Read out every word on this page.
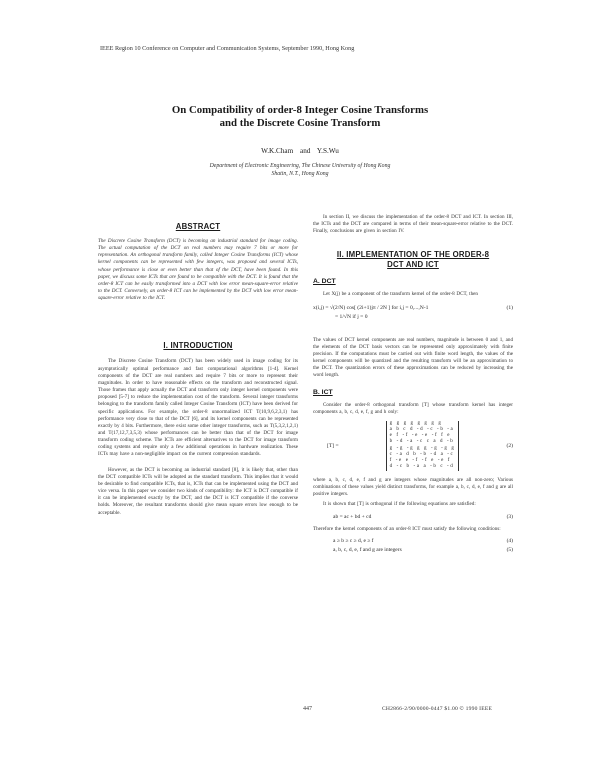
IEEE Region 10 Conference on Computer and Communication Systems, September 1990, Hong Kong
On Compatibility of order-8 Integer Cosine Transforms
and the Discrete Cosine Transform
W.K.Cham and Y.S.Wu
Department of Electronic Engineering, The Chinese University of Hong Kong
Shatin, N.T., Hong Kong
ABSTRACT
The Discrete Cosine Transform (DCT) is becoming an industrial standard for image coding. The actual computation of the DCT on real numbers may require 7 bits or more for representation. An orthogonal transform family, called Integer Cosine Transforms (ICT) whose kernel components can be represented with few integers, was proposed and several ICTs, whose performance is close or even better than that of the DCT, have been found. In this paper, we discuss some ICTs that are found to be compatible with the DCT. It is found that the order-8 ICT can be easily transformed into a DCT with low error mean-square-error relative to the DCT. Conversely, an order-8 ICT can be implemented by the DCT with low error mean-square-error relative to the ICT.
I. INTRODUCTION
The Discrete Cosine Transform (DCT) has been widely used in image coding for its asymptotically optimal performance and fast computational algorithms [1-4]. Kernel components of the DCT are real numbers and require 7 bits or more to represent their magnitudes. In order to have reasonable effects on the transform and reconstructed signal. Those frames that apply actually the DCT and transform only integer kernel components were proposed [5-7] to reduce the implementation cost of the transform. Several integer transforms belonging to the transform family called Integer Cosine Transform (ICT) have been derived for specific applications. For example, the order-8 unnormalized ICT T(10,9,6,2,3,1) has performance very close to that of the DCT [6], and its kernel components can be represented exactly by 4 bits. Furthermore, there exist some other integer transforms, such as T(5,3,2,1,2,1) and T(17,12,7,3,5,3) whose performances can be better than that of the DCT for image transform coding scheme. The ICTs are efficient alternatives to the DCT for image transform coding systems and require only a few additional operations in hardware realization. These ICTs may have a non-negligible impact on the current compression standards.
However, as the DCT is becoming an industrial standard [8], it is likely that, other than the DCT compatible ICTs will be adopted as the standard transform. This implies that it would be desirable to find compatible ICTs, that is, ICTs that can be implemented using the DCT and vice versa. In this paper we consider two kinds of compatibility: the ICT is DCT compatible if it can be implemented exactly by the DCT, and the DCT is ICT compatible if the converse holds. Moreover, the resultant transforms should give mean square errors low enough to be acceptable.
In section II, we discuss the implementation of the order-8 DCT and ICT. In section III, the ICTs and the DCT are compared in terms of their mean-square-error relative to the DCT. Finally, conclusions are given in section IV.
II. IMPLEMENTATION OF THE ORDER-8
DCT AND ICT
A. DCT
Let X(j) be a component of the transform kernel of the order-8 DCT, then
x(i,j) = √(2/N) cos[ (2i+1)jπ / 2N ] for i,j = 0,...,N-1	(1)
= 1/√N if j = 0
The values of DCT kernel components are real numbers, magnitude is between 0 and 1, and the elements of the DCT basis vectors can be represented only approximately with finite precision. If the computations must be carried out with finite word length, the values of the kernel components will be quantized and the resulting transform will be an approximation to the DCT. The quantization errors of these approximations can be reduced by increasing the word length.
B. ICT
Consider the order-8 orthogonal transform [T] whose transform kernel has integer components a, b, c, d, e, f, g and h only:
[T] =
g g g g g g g g
a b c d -d -c -b -a
e f -f -e -e -f f e
b -d -a -c c a d -b
g -g -g g g -g -g g
c -a d b -b -d a -c
f -e e -f -f e -e f
d -c b -a a -b c -d
(2)
where a, b, c, d, e, f and g are integers whose magnitudes are all non-zero; Various combinations of these values yield distinct transforms, for example a, b, c, d, e, f and g are all positive integers.
It is shown that [T] is orthogonal if the following equations are satisfied:
ab = ac + bd + cd	(3)
Therefore the kernel components of an order-8 ICT must satisfy the following conditions:
a ≥ b ≥ c ≥ d, e ≥ f	(4)
a, b, c, d, e, f and g are integers	(5)
447	CH2866-2/90/0000-0447 $1.00 © 1990 IEEE
